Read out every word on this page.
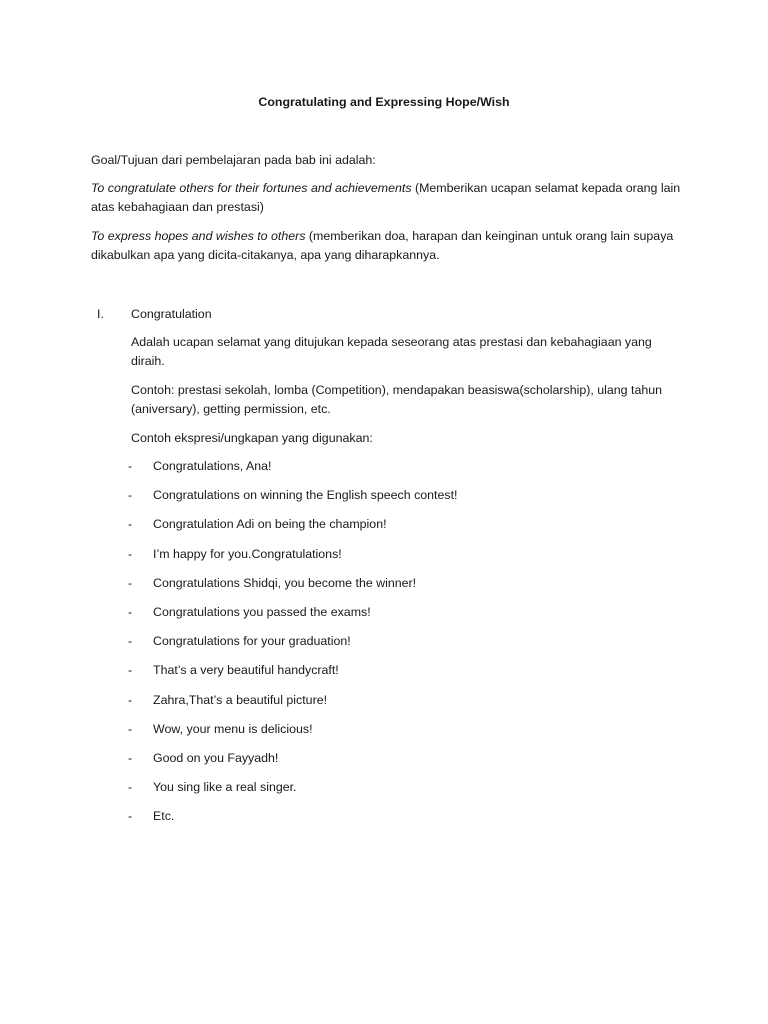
Congratulating and Expressing Hope/Wish
Goal/Tujuan dari pembelajaran pada bab ini adalah:
To congratulate others for their fortunes and achievements (Memberikan ucapan selamat kepada orang lain atas kebahagiaan dan prestasi)
To express hopes and wishes to others (memberikan doa, harapan dan keinginan untuk orang lain supaya dikabulkan apa yang dicita-citakanya, apa yang diharapkannya.
I. Congratulation
Adalah ucapan selamat yang ditujukan kepada seseorang atas prestasi dan kebahagiaan yang diraih.
Contoh: prestasi sekolah, lomba (Competition), mendapakan beasiswa(scholarship), ulang tahun (aniversary), getting permission, etc.
Contoh ekspresi/ungkapan yang digunakan:
- Congratulations, Ana!
- Congratulations on winning the English speech contest!
- Congratulation Adi on being the champion!
- I’m happy for you.Congratulations!
- Congratulations Shidqi, you become the winner!
- Congratulations you passed the exams!
- Congratulations for your graduation!
- That’s a very beautiful handycraft!
- Zahra,That’s a beautiful picture!
- Wow, your menu is delicious!
- Good on you Fayyadh!
- You sing like a real singer.
- Etc.
